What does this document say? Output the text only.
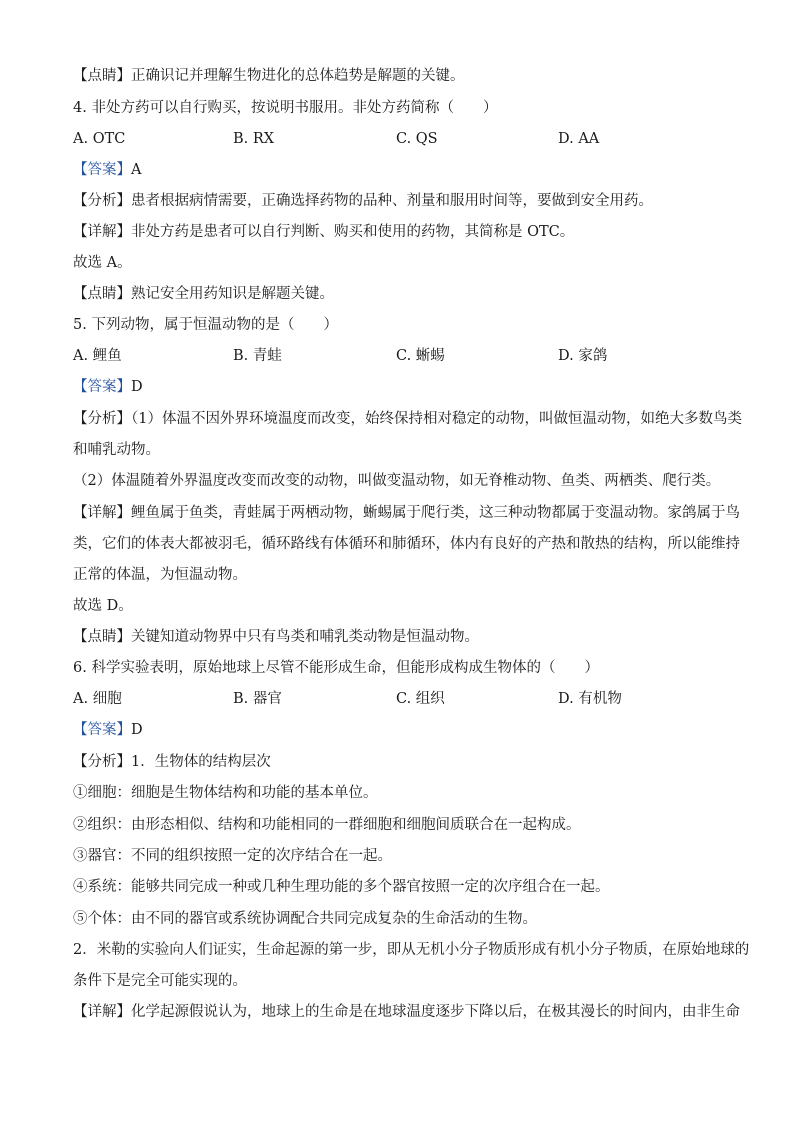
【点睛】正确识记并理解生物进化的总体趋势是解题的关键。
4. 非处方药可以自行购买，按说明书服用。非处方药简称（　　）
A. OTC	B. RX	C. QS	D. AA
【答案】A
【分析】患者根据病情需要，正确选择药物的品种、剂量和服用时间等，要做到安全用药。
【详解】非处方药是患者可以自行判断、购买和使用的药物，其简称是 OTC。
故选 A。
【点睛】熟记安全用药知识是解题关键。
5. 下列动物，属于恒温动物的是（　　）
A. 鲤鱼	B. 青蛙	C. 蜥蜴	D. 家鸽
【答案】D
【分析】（1）体温不因外界环境温度而改变，始终保持相对稳定的动物，叫做恒温动物，如绝大多数鸟类
和哺乳动物。
（2）体温随着外界温度改变而改变的动物，叫做变温动物，如无脊椎动物、鱼类、两栖类、爬行类。
【详解】鲤鱼属于鱼类，青蛙属于两栖动物，蜥蜴属于爬行类，这三种动物都属于变温动物。家鸽属于鸟
类，它们的体表大都被羽毛，循环路线有体循环和肺循环，体内有良好的产热和散热的结构，所以能维持
正常的体温，为恒温动物。
故选 D。
【点睛】关键知道动物界中只有鸟类和哺乳类动物是恒温动物。
6. 科学实验表明，原始地球上尽管不能形成生命，但能形成构成生物体的（　　）
A. 细胞	B. 器官	C. 组织	D. 有机物
【答案】D
【分析】1．生物体的结构层次
①细胞：细胞是生物体结构和功能的基本单位。
②组织：由形态相似、结构和功能相同的一群细胞和细胞间质联合在一起构成。
③器官：不同的组织按照一定的次序结合在一起。
④系统：能够共同完成一种或几种生理功能的多个器官按照一定的次序组合在一起。
⑤个体：由不同的器官或系统协调配合共同完成复杂的生命活动的生物。
2．米勒的实验向人们证实，生命起源的第一步，即从无机小分子物质形成有机小分子物质，在原始地球的
条件下是完全可能实现的。
【详解】化学起源假说认为，地球上的生命是在地球温度逐步下降以后，在极其漫长的时间内，由非生命
